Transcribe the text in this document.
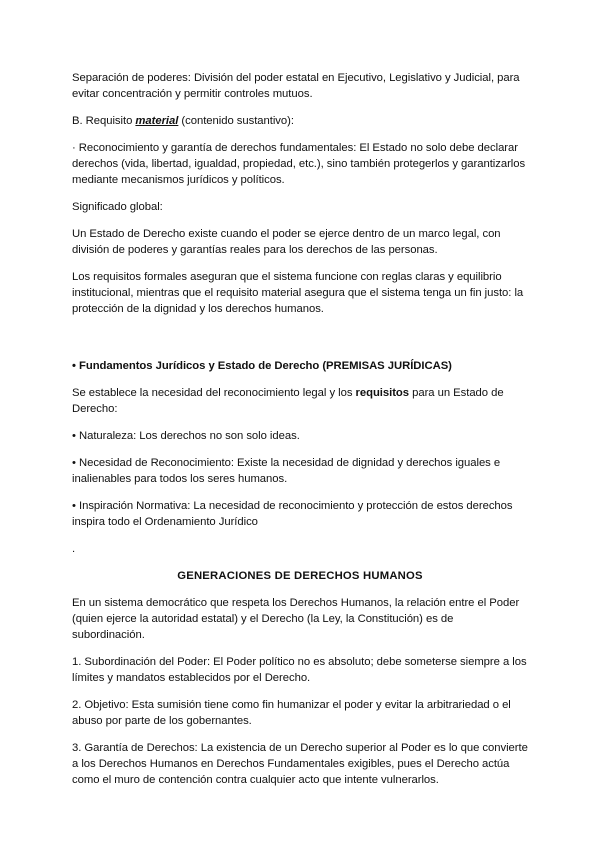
Separación de poderes: División del poder estatal en Ejecutivo, Legislativo y Judicial, para evitar concentración y permitir controles mutuos.

B. Requisito material (contenido sustantivo):

· Reconocimiento y garantía de derechos fundamentales: El Estado no solo debe declarar derechos (vida, libertad, igualdad, propiedad, etc.), sino también protegerlos y garantizarlos mediante mecanismos jurídicos y políticos.

Significado global:

Un Estado de Derecho existe cuando el poder se ejerce dentro de un marco legal, con división de poderes y garantías reales para los derechos de las personas.

Los requisitos formales aseguran que el sistema funcione con reglas claras y equilibrio institucional, mientras que el requisito material asegura que el sistema tenga un fin justo: la protección de la dignidad y los derechos humanos.

• Fundamentos Jurídicos y Estado de Derecho (PREMISAS JURÍDICAS)

Se establece la necesidad del reconocimiento legal y los requisitos para un Estado de Derecho:

• Naturaleza: Los derechos no son solo ideas.

• Necesidad de Reconocimiento: Existe la necesidad de dignidad y derechos iguales e inalienables para todos los seres humanos.

• Inspiración Normativa: La necesidad de reconocimiento y protección de estos derechos inspira todo el Ordenamiento Jurídico

.

GENERACIONES DE DERECHOS HUMANOS

En un sistema democrático que respeta los Derechos Humanos, la relación entre el Poder (quien ejerce la autoridad estatal) y el Derecho (la Ley, la Constitución) es de subordinación.

1. Subordinación del Poder: El Poder político no es absoluto; debe someterse siempre a los límites y mandatos establecidos por el Derecho.

2. Objetivo: Esta sumisión tiene como fin humanizar el poder y evitar la arbitrariedad o el abuso por parte de los gobernantes.

3. Garantía de Derechos: La existencia de un Derecho superior al Poder es lo que convierte a los Derechos Humanos en Derechos Fundamentales exigibles, pues el Derecho actúa como el muro de contención contra cualquier acto que intente vulnerarlos.
